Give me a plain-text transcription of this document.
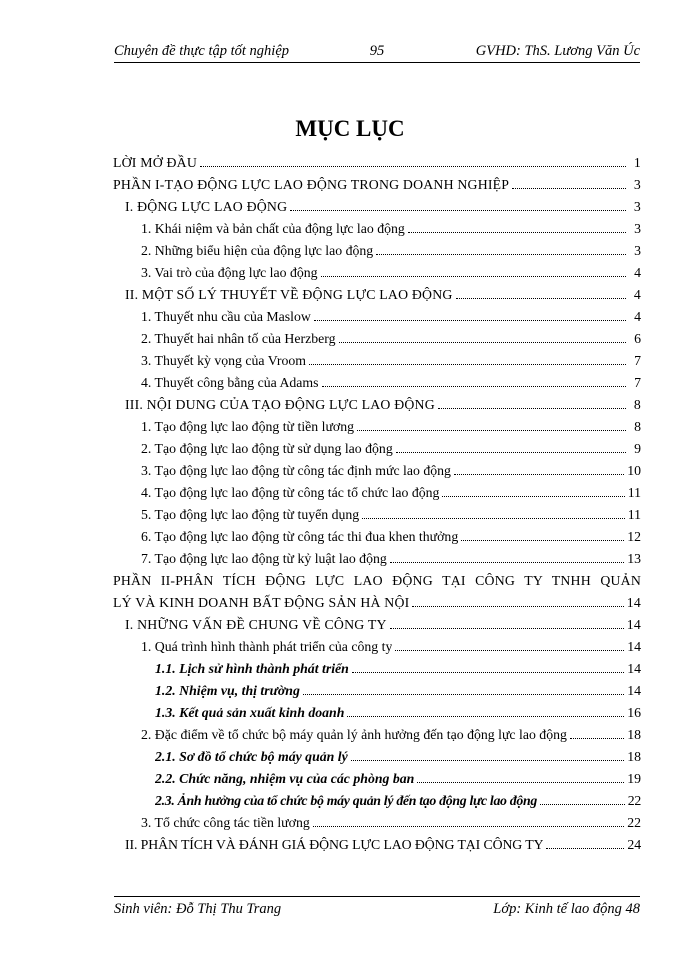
Chuyên đề thực tập tốt nghiệp	95	GVHD: ThS. Lương Văn Úc
MỤC LỤC
LỜI MỞ ĐẦU	1
PHẦN I-TẠO ĐỘNG LỰC LAO ĐỘNG TRONG DOANH NGHIỆP	3
I. ĐỘNG LỰC LAO ĐỘNG	3
1. Khái niệm và bản chất của động lực lao động	3
2. Những biểu hiện của động lực lao động	3
3. Vai trò của động lực lao động	4
II. MỘT SỐ LÝ THUYẾT VỀ ĐỘNG LỰC LAO ĐỘNG	4
1. Thuyết nhu cầu của Maslow	4
2. Thuyết hai nhân tố của Herzberg	6
3. Thuyết kỳ vọng của Vroom	7
4. Thuyết công bằng của Adams	7
III. NỘI DUNG CỦA TẠO ĐỘNG LỰC LAO ĐỘNG	8
1. Tạo động lực lao động từ tiền lương	8
2. Tạo động lực lao động từ sử dụng lao động	9
3. Tạo động lực lao động từ công tác định mức lao động	10
4. Tạo động lực lao động từ công tác tổ chức lao động	11
5. Tạo động lực lao động từ tuyển dụng	11
6. Tạo động lực lao động từ công tác thi đua khen thưởng	12
7. Tạo động lực lao động từ kỷ luật lao động	13
PHẦN II-PHÂN TÍCH ĐỘNG LỰC LAO ĐỘNG TẠI CÔNG TY TNHH QUẢN
LÝ VÀ KINH DOANH BẤT ĐỘNG SẢN HÀ NỘI	14
I. NHỮNG VẤN ĐỀ CHUNG VỀ CÔNG TY	14
1. Quá trình hình thành phát triển của công ty	14
1.1. Lịch sử hình thành phát triển	14
1.2. Nhiệm vụ, thị trường	14
1.3. Kết quả sản xuất kinh doanh	16
2. Đặc điểm về tổ chức bộ máy quản lý ảnh hưởng đến tạo động lực lao động	18
2.1. Sơ đồ tổ chức bộ máy quản lý	18
2.2. Chức năng, nhiệm vụ của các phòng ban	19
2.3. Ảnh hưởng của tổ chức bộ máy quản lý đến tạo động lực lao động	22
3. Tổ chức công tác tiền lương	22
II. PHÂN TÍCH VÀ ĐÁNH GIÁ ĐỘNG LỰC LAO ĐỘNG TẠI CÔNG TY	24
Sinh viên: Đỗ Thị Thu Trang	Lớp: Kinh tế lao động 48
